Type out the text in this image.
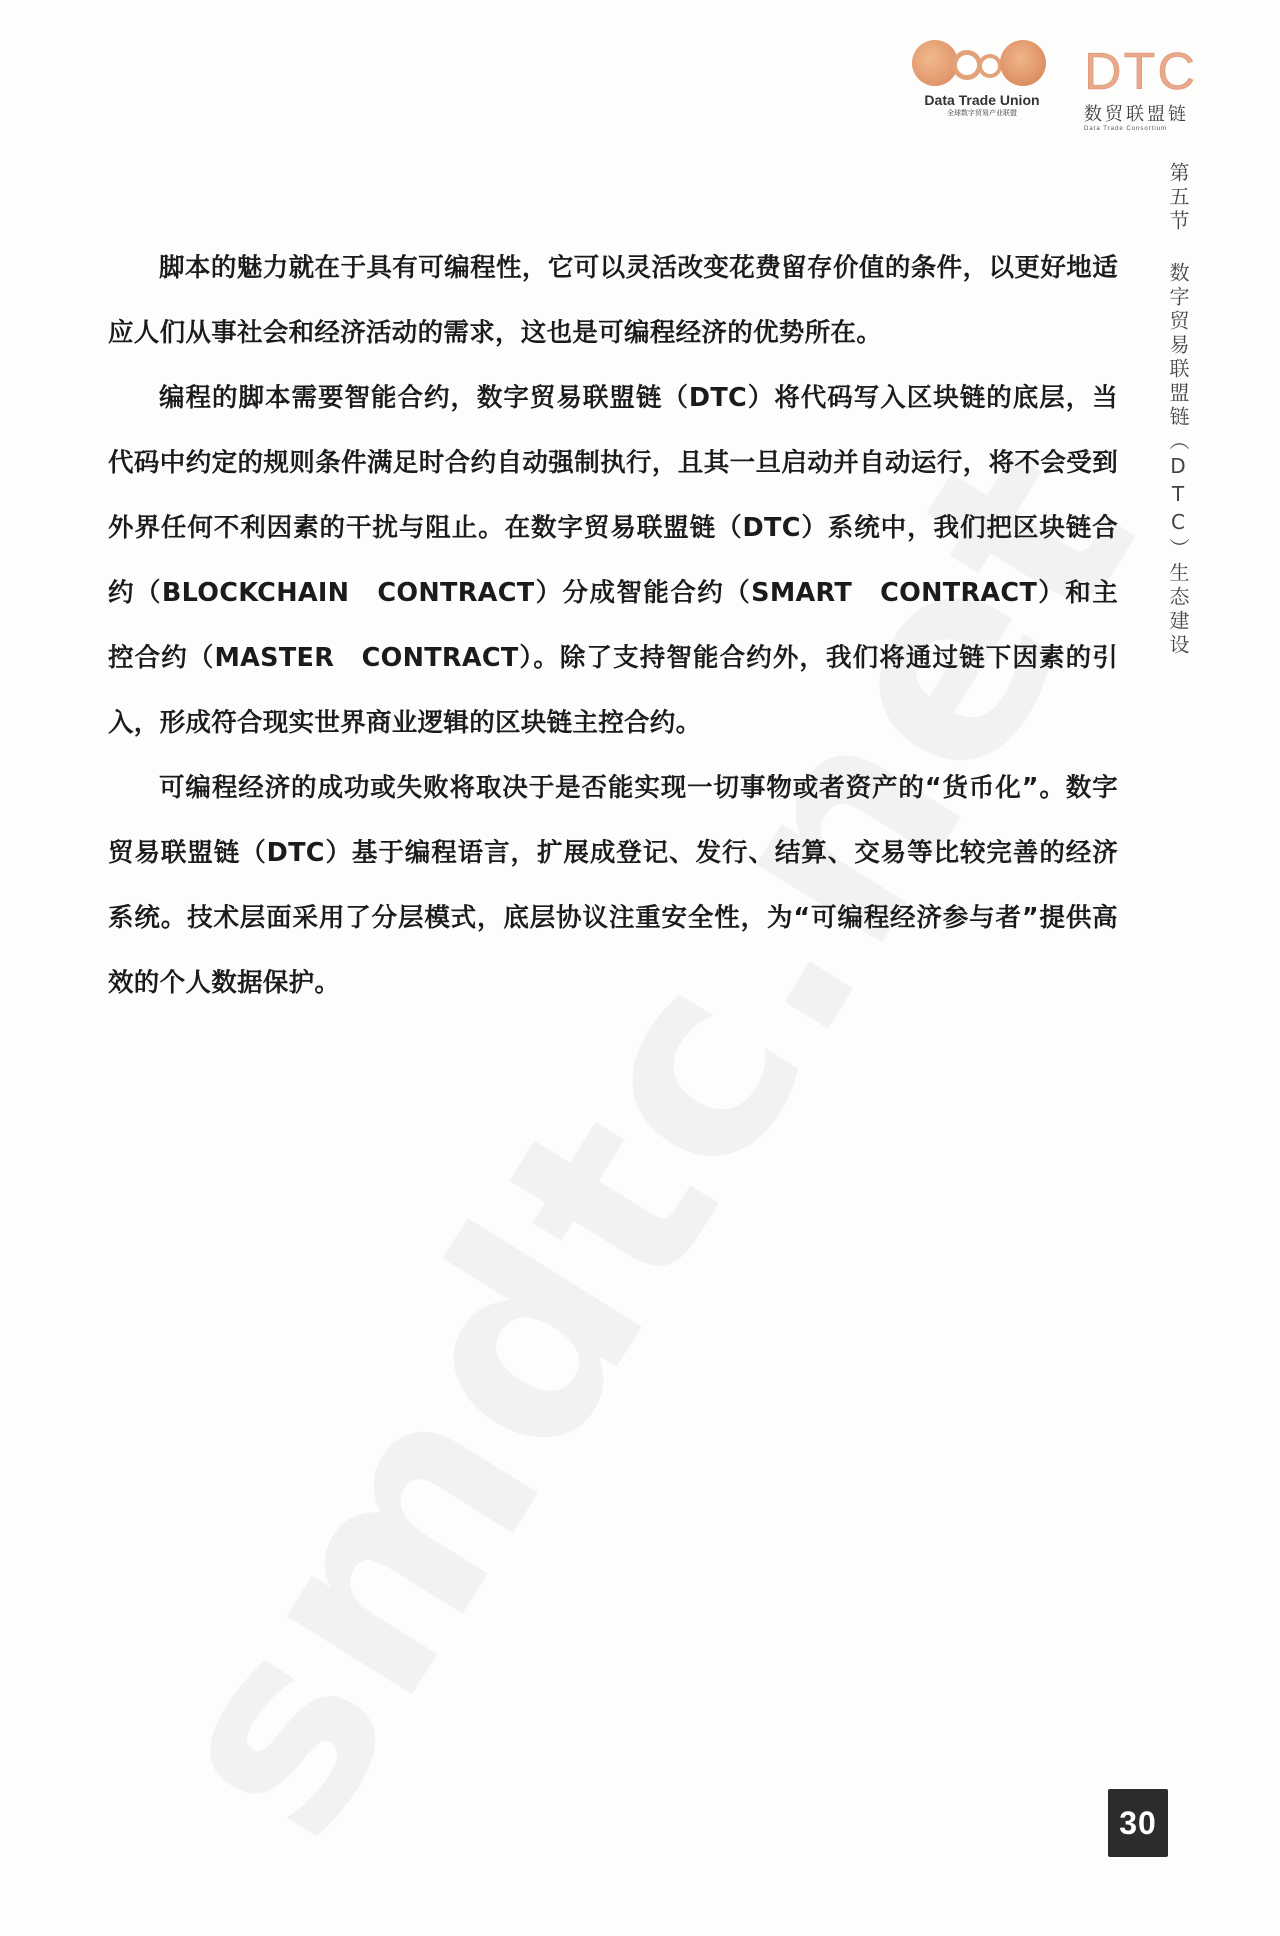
Data Trade Union
全球数字贸易产业联盟
DTC
数贸联盟链
Data Trade Consortium
第五节 数字贸易联盟链（DTC）生态建设

脚本的魅力就在于具有可编程性，它可以灵活改变花费留存价值的条件，以更好地适应人们从事社会和经济活动的需求，这也是可编程经济的优势所在。

编程的脚本需要智能合约，数字贸易联盟链（DTC）将代码写入区块链的底层，当代码中约定的规则条件满足时合约自动强制执行，且其一旦启动并自动运行，将不会受到外界任何不利因素的干扰与阻止。在数字贸易联盟链（DTC）系统中，我们把区块链合约（BLOCKCHAIN　CONTRACT）分成智能合约（SMART　CONTRACT）和主控合约（MASTER　CONTRACT）。除了支持智能合约外，我们将通过链下因素的引入，形成符合现实世界商业逻辑的区块链主控合约。

可编程经济的成功或失败将取决于是否能实现一切事物或者资产的“货币化”。数字贸易联盟链（DTC）基于编程语言，扩展成登记、发行、结算、交易等比较完善的经济系统。技术层面采用了分层模式，底层协议注重安全性，为“可编程经济参与者”提供高效的个人数据保护。

30
